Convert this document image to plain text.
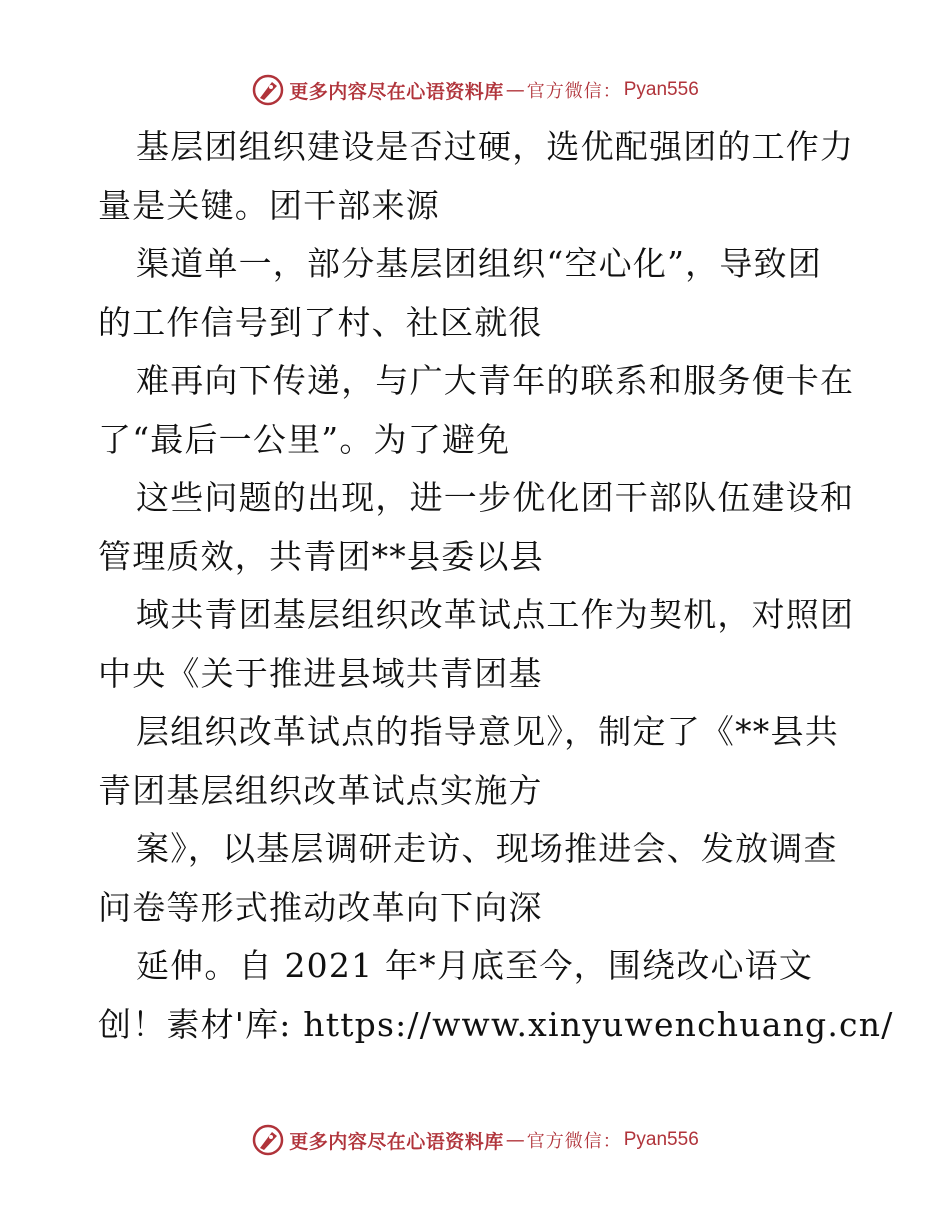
更多内容尽在心语资料库 — 官方微信： Pyan556
基层团组织建设是否过硬，选优配强团的工作力
量是关键。团干部来源
渠道单一，部分基层团组织“空心化”，导致团
的工作信号到了村、社区就很
难再向下传递，与广大青年的联系和服务便卡在
了“最后一公里”。为了避免
这些问题的出现，进一步优化团干部队伍建设和
管理质效，共青团**县委以县
域共青团基层组织改革试点工作为契机，对照团
中央《关于推进县域共青团基
层组织改革试点的指导意见》，制定了《**县共
青团基层组织改革试点实施方
案》，以基层调研走访、现场推进会、发放调查
问卷等形式推动改革向下向深
延伸。自 2021 年*月底至今，围绕改心语文
创！素材'库: https://www.xinyuwenchuang.cn/
更多内容尽在心语资料库 — 官方微信： Pyan556
